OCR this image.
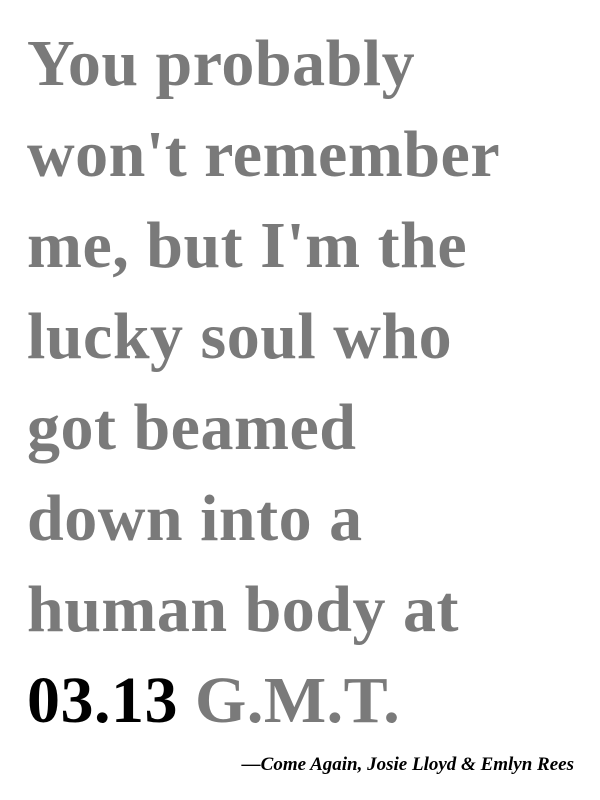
You probably
won't remember
me, but I'm the
lucky soul who
got beamed
down into a
human body at
03.13 G.M.T.

—Come Again, Josie Lloyd & Emlyn Rees
